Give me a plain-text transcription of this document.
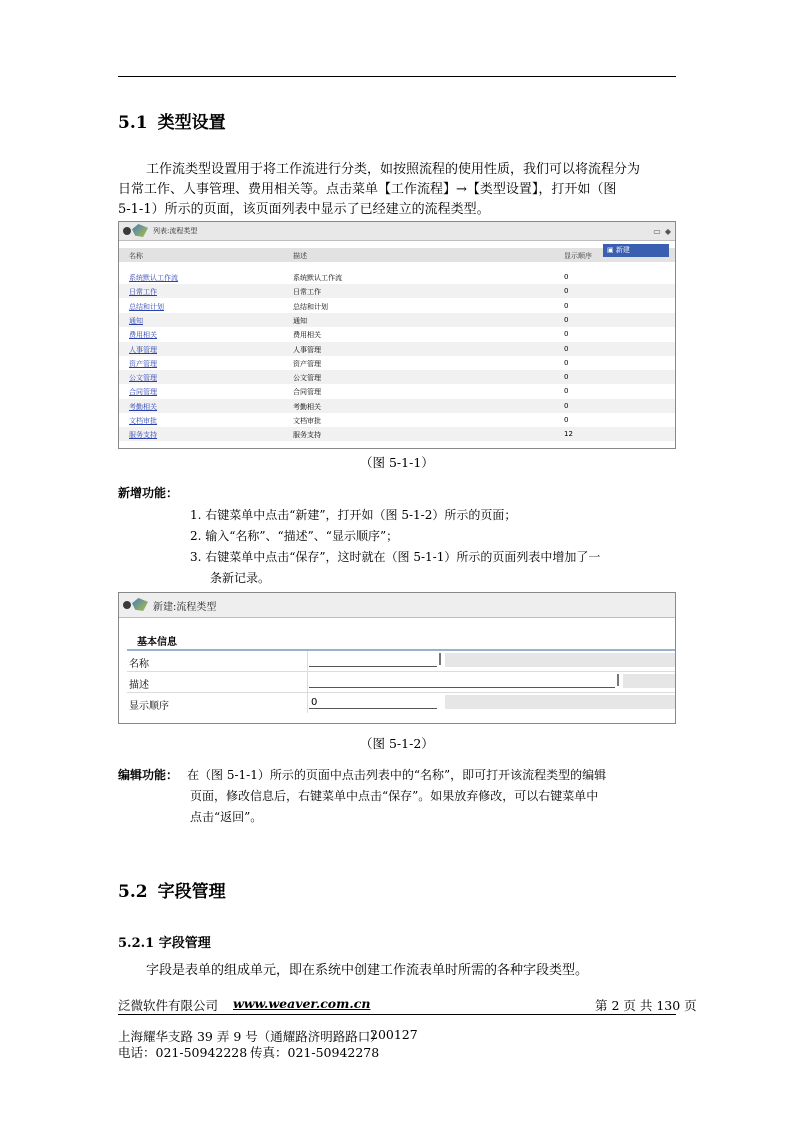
5.1 类型设置
工作流类型设置用于将工作流进行分类，如按照流程的使用性质，我们可以将流程分为
日常工作、人事管理、费用相关等。点击菜单【工作流程】→【类型设置】，打开如（图
5-1-1）所示的页面，该页面列表中显示了已经建立的流程类型。
列表:流程类型	▭ ◆
名称	描述	显示顺序
▣ 新建
系统默认工作流	系统默认工作流	0
日常工作	日常工作	0
总结和计划	总结和计划	0
通知	通知	0
费用相关	费用相关	0
人事管理	人事管理	0
资产管理	资产管理	0
公文管理	公文管理	0
合同管理	合同管理	0
考勤相关	考勤相关	0
文档审批	文档审批	0
服务支持	服务支持	12
（图 5-1-1）
新增功能：
1. 右键菜单中点击“新建”，打开如（图 5-1-2）所示的页面；
2. 输入“名称”、“描述”、“显示顺序”；
3. 右键菜单中点击“保存”，这时就在（图 5-1-1）所示的页面列表中增加了一
条新记录。
新建:流程类型
基本信息
名称
描述
显示顺序	0
（图 5-1-2）
编辑功能： 在（图 5-1-1）所示的页面中点击列表中的“名称”，即可打开该流程类型的编辑
页面，修改信息后，右键菜单中点击“保存”。如果放弃修改，可以右键菜单中
点击“返回”。
5.2 字段管理
5.2.1 字段管理
字段是表单的组成单元，即在系统中创建工作流表单时所需的各种字段类型。
泛微软件有限公司 www.weaver.com.cn	第 2 页 共 130 页
上海耀华支路 39 弄 9 号（通耀路济明路路口）
200127
电话：021-50942228 传真：021-50942278
